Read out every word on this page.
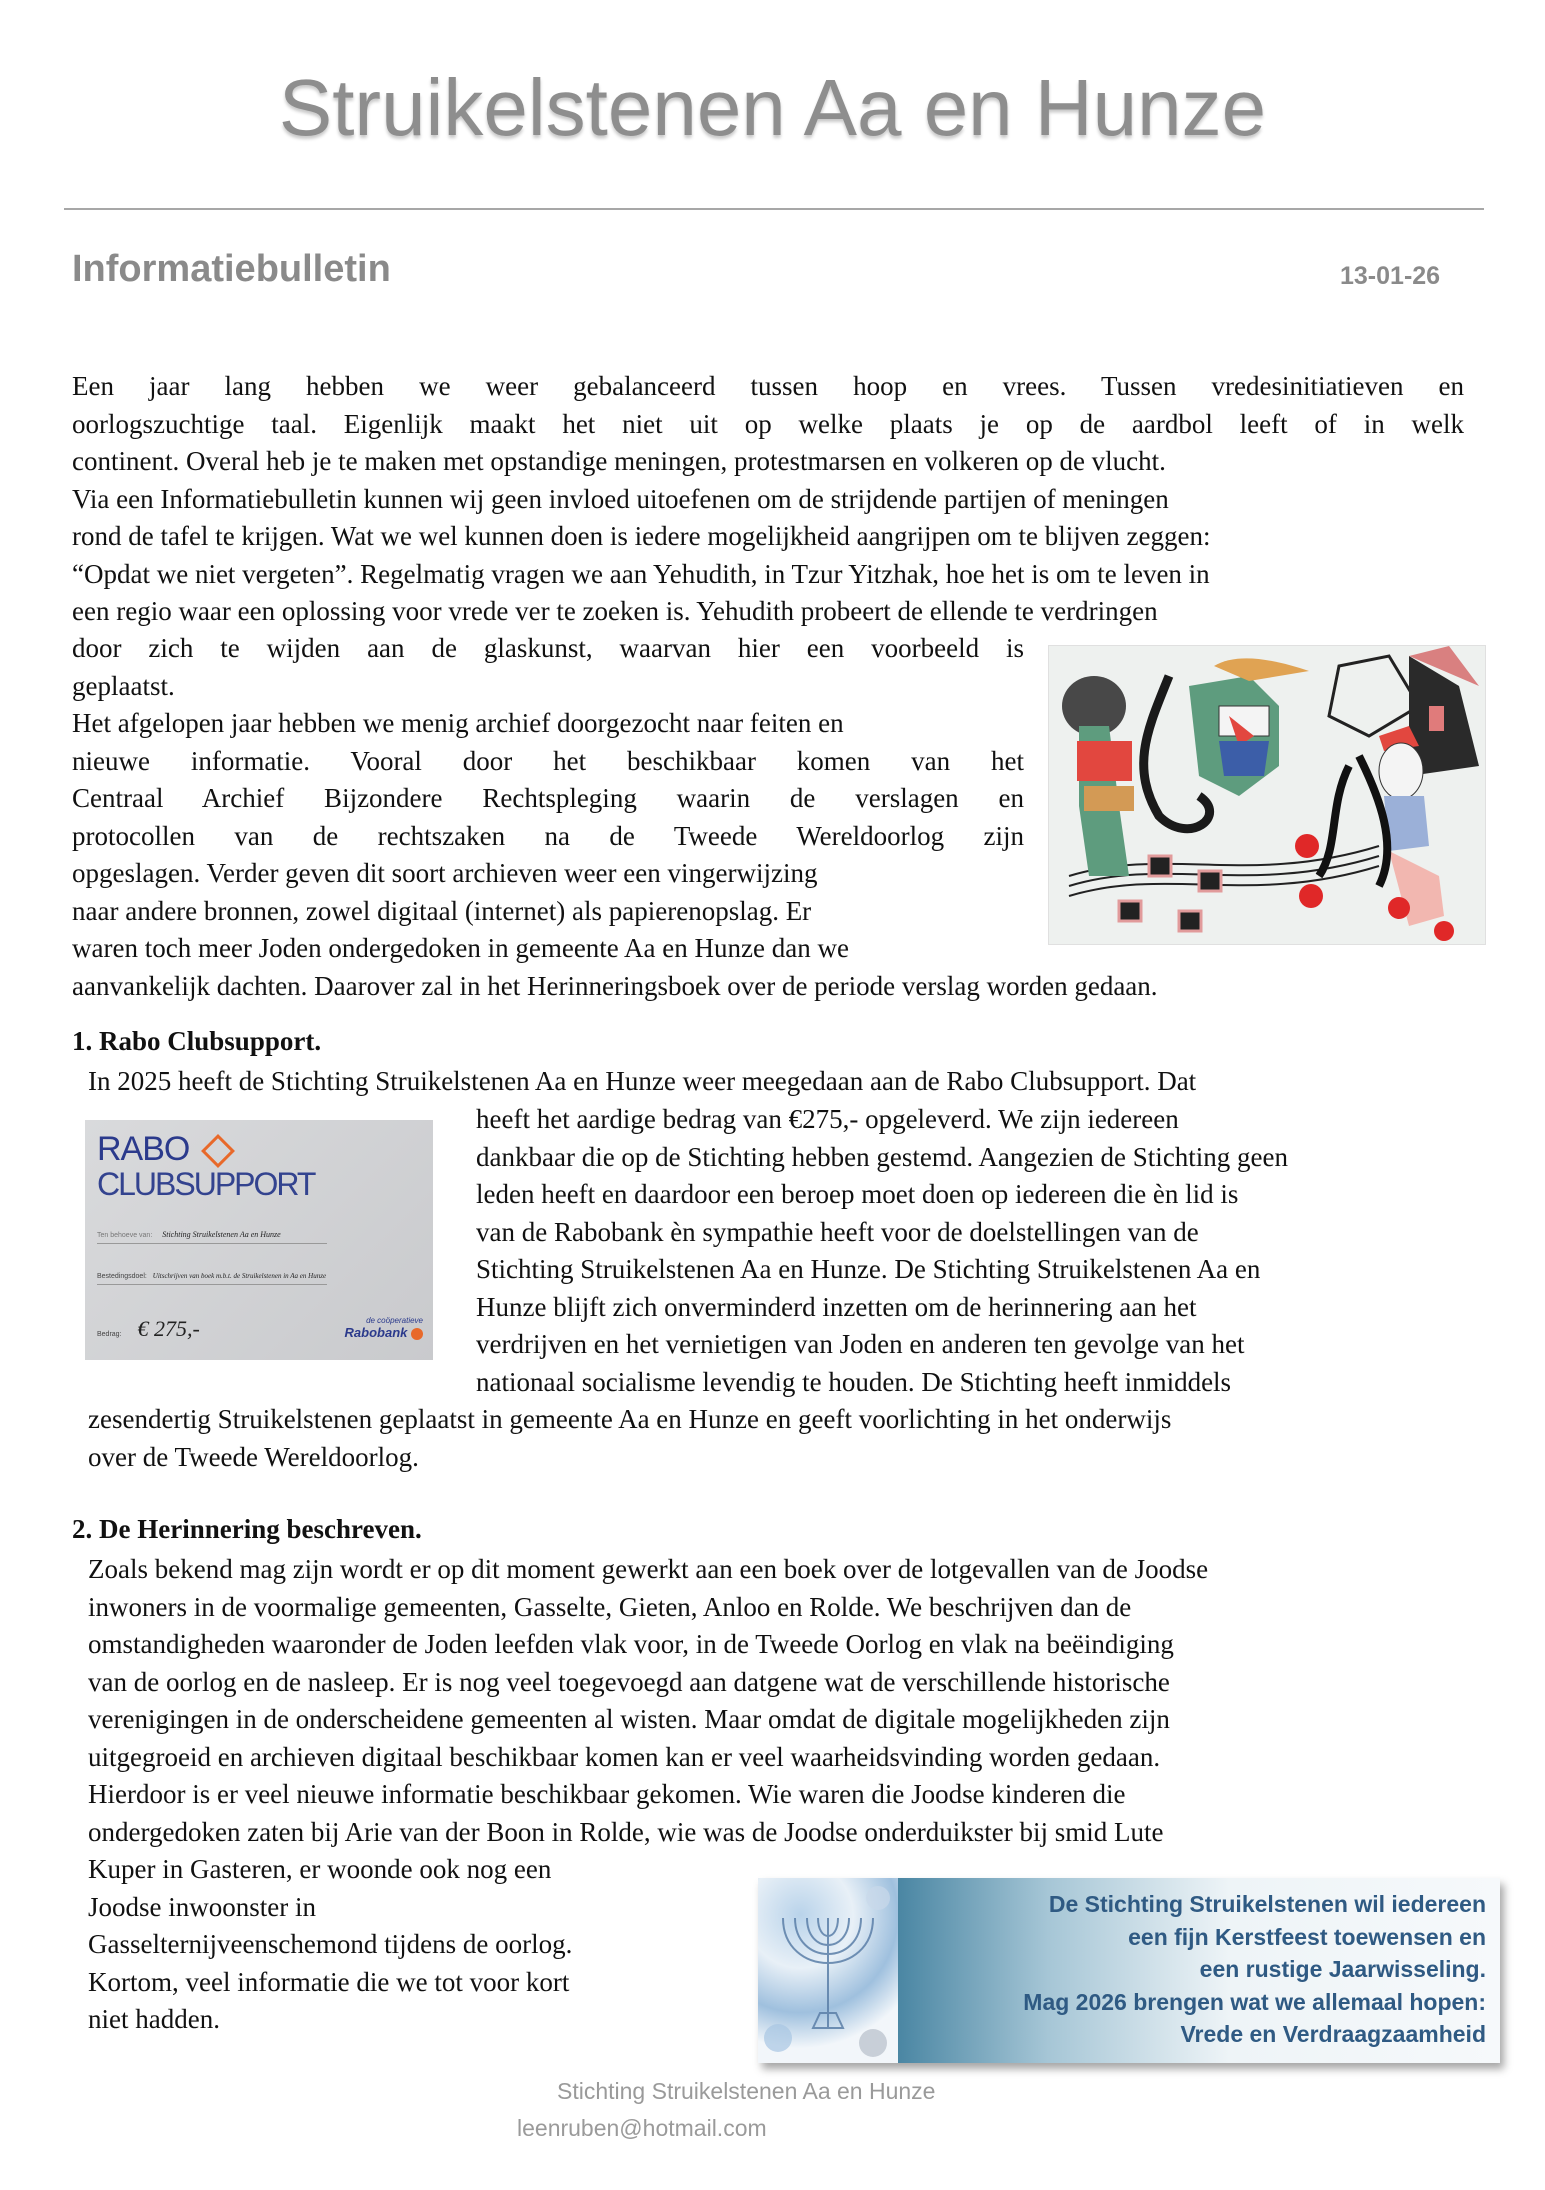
Struikelstenen Aa en Hunze
Informatiebulletin	13-01-26
Een jaar lang hebben we weer gebalanceerd tussen hoop en vrees. Tussen vredesinitiatieven en
oorlogszuchtige taal. Eigenlijk maakt het niet uit op welke plaats je op de aardbol leeft of in welk
continent. Overal heb je te maken met opstandige meningen, protestmarsen en volkeren op de vlucht.
Via een Informatiebulletin kunnen wij geen invloed uitoefenen om de strijdende partijen of meningen
rond de tafel te krijgen. Wat we wel kunnen doen is iedere mogelijkheid aangrijpen om te blijven zeggen:
“Opdat we niet vergeten”. Regelmatig vragen we aan Yehudith, in Tzur Yitzhak, hoe het is om te leven in
een regio waar een oplossing voor vrede ver te zoeken is. Yehudith probeert de ellende te verdringen
door zich te wijden aan de glaskunst, waarvan hier een voorbeeld is
geplaatst.
Het afgelopen jaar hebben we menig archief doorgezocht naar feiten en
nieuwe informatie. Vooral door het beschikbaar komen van het
Centraal Archief Bijzondere Rechtspleging waarin de verslagen en
protocollen van de rechtszaken na de Tweede Wereldoorlog zijn
opgeslagen. Verder geven dit soort archieven weer een vingerwijzing
naar andere bronnen, zowel digitaal (internet) als papierenopslag. Er
waren toch meer Joden ondergedoken in gemeente Aa en Hunze dan we
aanvankelijk dachten. Daarover zal in het Herinneringsboek over de periode verslag worden gedaan.
1. Rabo Clubsupport.
In 2025 heeft de Stichting Struikelstenen Aa en Hunze weer meegedaan aan de Rabo Clubsupport. Dat
heeft het aardige bedrag van €275,- opgeleverd. We zijn iedereen
dankbaar die op de Stichting hebben gestemd. Aangezien de Stichting geen
leden heeft en daardoor een beroep moet doen op iedereen die èn lid is
van de Rabobank èn sympathie heeft voor de doelstellingen van de
Stichting Struikelstenen Aa en Hunze. De Stichting Struikelstenen Aa en
Hunze blijft zich onverminderd inzetten om de herinnering aan het
verdrijven en het vernietigen van Joden en anderen ten gevolge van het
nationaal socialisme levendig te houden. De Stichting heeft inmiddels
zesendertig Struikelstenen geplaatst in gemeente Aa en Hunze en geeft voorlichting in het onderwijs
over de Tweede Wereldoorlog.
RABO
CLUBSUPPORT
Ten behoeve van: Stichting Struikelstenen Aa en Hunze
Bestedingsdoel: Uitschrijven van boek m.b.t. de Struikelstenen in Aa en Hunze
Bedrag: € 275,-	de coöperatieve
Rabobank
2. De Herinnering beschreven.
Zoals bekend mag zijn wordt er op dit moment gewerkt aan een boek over de lotgevallen van de Joodse
inwoners in de voormalige gemeenten, Gasselte, Gieten, Anloo en Rolde. We beschrijven dan de
omstandigheden waaronder de Joden leefden vlak voor, in de Tweede Oorlog en vlak na beëindiging
van de oorlog en de nasleep. Er is nog veel toegevoegd aan datgene wat de verschillende historische
verenigingen in de onderscheidene gemeenten al wisten. Maar omdat de digitale mogelijkheden zijn
uitgegroeid en archieven digitaal beschikbaar komen kan er veel waarheidsvinding worden gedaan.
Hierdoor is er veel nieuwe informatie beschikbaar gekomen. Wie waren die Joodse kinderen die
ondergedoken zaten bij Arie van der Boon in Rolde, wie was de Joodse onderduikster bij smid Lute
Kuper in Gasteren, er woonde ook nog een
Joodse inwoonster in
Gasselternijveenschemond tijdens de oorlog.
Kortom, veel informatie die we tot voor kort
niet hadden.
De Stichting Struikelstenen wil iedereen
een fijn Kerstfeest toewensen en
een rustige Jaarwisseling.
Mag 2026 brengen wat we allemaal hopen:
Vrede en Verdraagzaamheid
Stichting Struikelstenen Aa en Hunze
leenruben@hotmail.com
